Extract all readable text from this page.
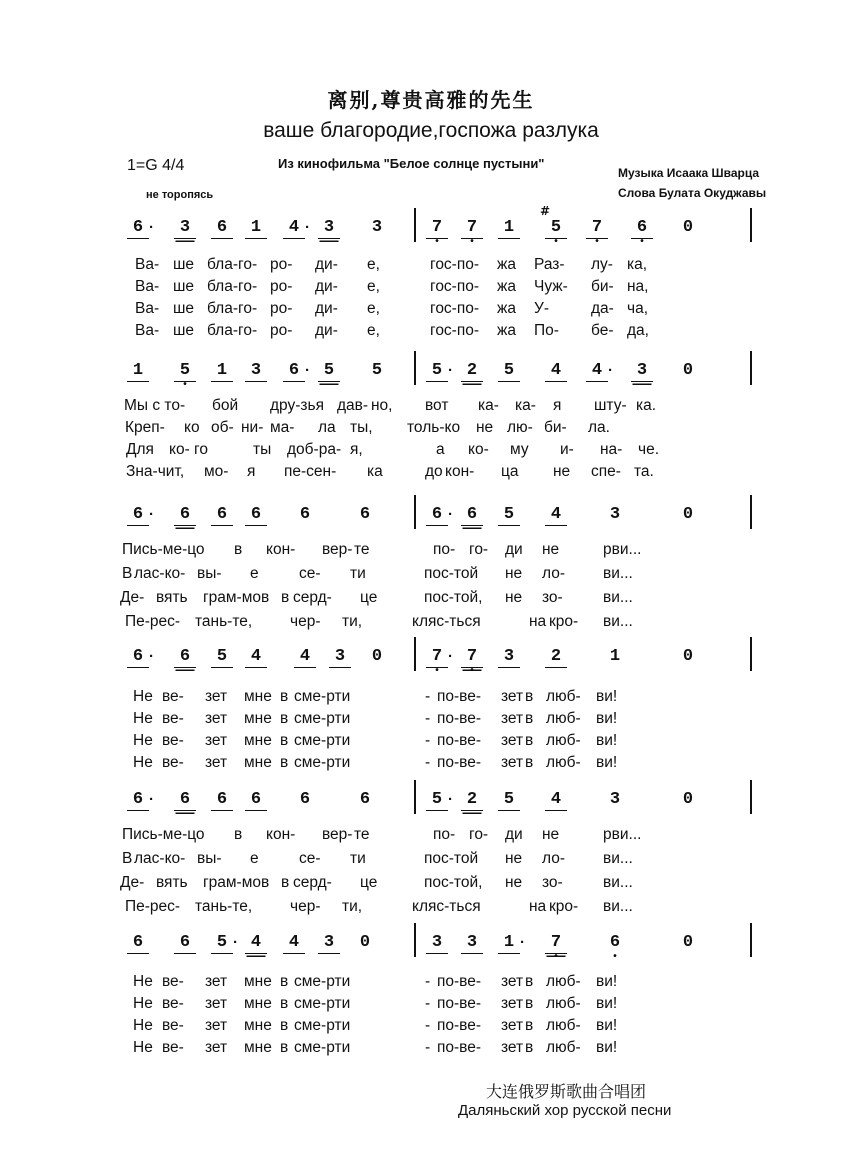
离别,尊贵高雅的先生
ваше благородие,госпожа разлука
1=G 4/4	Из кинофильма "Белое солнце пустыни"
Музыка Исаака Шварца
Слова Булата Окуджавы
не торопясь
6 ·	3	6	1	4 · 3	3	7
•
7
•
1	5
•
#
7
•
6
•
0
Ва- ше бла-го- ро- ди- е,	гос-по- жа Раз- лу- ка,
Ва- ше бла-го- ро- ди- е,	гос-по- жа Чуж- би- на,
Ва- ше бла-го- ро- ди- е,	гос-по- жа У-	да- ча,
Ва- ше бла-го- ро- ди- е,	гос-по- жа По- бе- да,
1	5
•
1	3	6 · 5	5	5 · 2	5	4	4 ·	3	0
Мы с то- бой дру-зья дав- но, вот ка- ка- я шту- ка.
Креп- ко об- ни- ма- ла ты, толь-ко не лю- би- ла.
Для ко- го	ты доб-ра- я,	а ко- му и- на- че.
Зна-чит, мо- я пе-сен- ка	до кон- ца не спе- та.
6 ·	6	6	6	6	6	6 · 6	5	4	3	0
Пись-ме-цо в кон- вер- те	по- го- ди не	рви...
В лас-ко- вы- е	се- ти	пос-той не ло- ви...
Де- вять грам-мов в серд- це	пос-той, не зо-	ви...
Пе-рес- тань-те, чер- ти,	кляс-ться	на кро- ви...
6 ·	6	5	4	4	3	0	7
•
· 7
•
3	2	1	0
Не ве- зет мне в сме-рти	- по-ве- зет в люб- ви!
Не ве- зет мне в сме-рти	- по-ве- зет в люб- ви!
Не ве- зет мне в сме-рти	- по-ве- зет в люб- ви!
Не ве- зет мне в сме-рти	- по-ве- зет в люб- ви!
6 ·	6	6	6	6	6	5 · 2	5	4	3	0
Пись-ме-цо в кон- вер- те	по- го- ди не	рви...
В лас-ко- вы- е	се- ти	пос-той не ло- ви...
Де- вять грам-мов в серд- це	пос-той, не зо-	ви...
Пе-рес- тань-те, чер- ти,	кляс-ться	на кро- ви...
6	6	5 · 4	4	3	0	3	3	1 ·	7
•
6
•
0
Не ве- зет мне в сме-рти	- по-ве- зет в люб- ви!
Не ве- зет мне в сме-рти	- по-ве- зет в люб- ви!
Не ве- зет мне в сме-рти	- по-ве- зет в люб- ви!
Не ве- зет мне в сме-рти	- по-ве- зет в люб- ви!
大连俄罗斯歌曲合唱团
Даляньский хор русской песни
